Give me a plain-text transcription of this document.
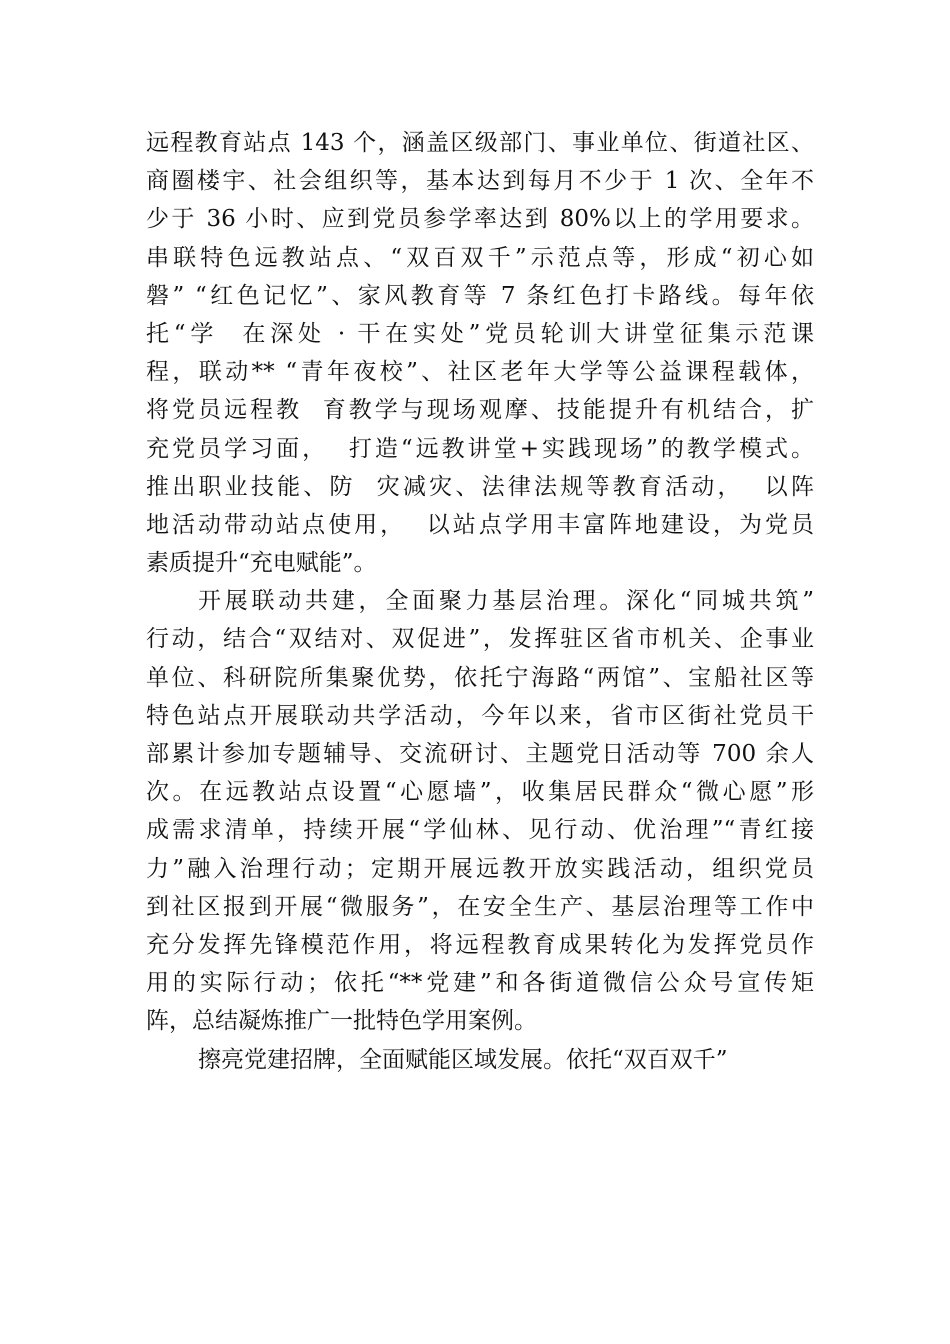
远程教育站点 143 个，涵盖区级部门、事业单位、街道社区、
商圈楼宇、社会组织等，基本达到每月不少于 1 次、全年不
少于 36 小时、应到党员参学率达到 80%以上的学用要求。
串联特色远教站点、“双百双千”示范点等，形成“初心如
磐” “红色记忆”、家风教育等 7 条红色打卡路线。每年依
托“学  在深处 · 干在实处”党员轮训大讲堂征集示范课
程，联动** “青年夜校”、社区老年大学等公益课程载体，
将党员远程教  育教学与现场观摩、技能提升有机结合，扩
充党员学习面，  打造“远教讲堂+实践现场”的教学模式。
推出职业技能、防  灾减灾、法律法规等教育活动，  以阵
地活动带动站点使用，  以站点学用丰富阵地建设，为党员
素质提升“充电赋能”。
开展联动共建，全面聚力基层治理。深化“同城共筑”
行动，结合“双结对、双促进”，发挥驻区省市机关、企事业
单位、科研院所集聚优势，依托宁海路“两馆”、宝船社区等
特色站点开展联动共学活动，今年以来，省市区街社党员干
部累计参加专题辅导、交流研讨、主题党日活动等 700 余人
次。在远教站点设置“心愿墙”，收集居民群众“微心愿”形
成需求清单，持续开展“学仙林、见行动、优治理”“青红接
力”融入治理行动；定期开展远教开放实践活动，组织党员
到社区报到开展“微服务”，在安全生产、基层治理等工作中
充分发挥先锋模范作用，将远程教育成果转化为发挥党员作
用的实际行动；依托“**党建”和各街道微信公众号宣传矩
阵，总结凝炼推广一批特色学用案例。
擦亮党建招牌，全面赋能区域发展。依托“双百双千”
